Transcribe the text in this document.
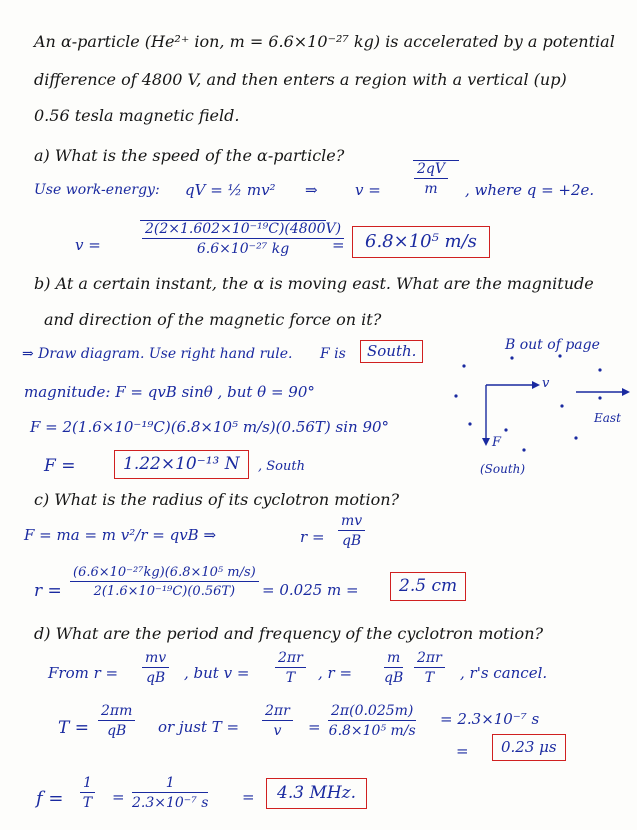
An α-particle (He²⁺ ion, m = 6.6×10⁻²⁷ kg) is accelerated by a potential
difference of 4800 V, and then enters a region with a vertical (up)
0.56 tesla magnetic field.
a) What is the speed of the α-particle?
Use work-energy: qV = ½ mv² ⇒ $v = \frac{2qV}{m}$ , where q = +2e.
v =	$\frac{\text{2(2×1.602×10⁻¹⁹C)(4800V)}}{\text{6.6×10⁻²⁷ kg}}$
=	6.8×10⁵ m/s
b) At a certain instant, the α is moving east. What are the magnitude
and direction of the magnetic force on it?
⇒ Draw diagram. Use right hand rule. F is	South.	B out of page
magnitude: F = qvB sinθ , but θ = 90°
F = 2(1.6×10⁻¹⁹C)(6.8×10⁵ m/s)(0.56T) sin 90°
F =	1.22×10⁻¹³ N	, South
v
F
East
(South)
c) What is the radius of its cyclotron motion?
F = ma = m v²/r = qvB ⇒	$r = \frac{mv}{qB}$
$r = \frac{\text{(6.6×10⁻²⁷kg)(6.8×10⁵ m/s)}}{\text{2(1.6×10⁻¹⁹C)(0.56T)}} = 0.025$ m =	2.5 cm
d) What are the period and frequency of the cyclotron motion?
From $r = \frac{mv}{qB}$ , but $v = \frac{2\pi r}{T}$ , $r = \frac{m}{qB} \frac{2\pi r}{T}$ , r's cancel.
$T = \frac{2\pi m}{qB}$ or just $T = \frac{2\pi r}{v} = \frac{2\pi(0.025m)}{\text{6.8×10⁵ m/s}} = 2.3\times 10^{-7}$ s
=	0.23 μs
$f = \frac{1}{T} = \frac{1}{\text{2.3×10⁻⁷ s}}$ =	4.3 MHz.
